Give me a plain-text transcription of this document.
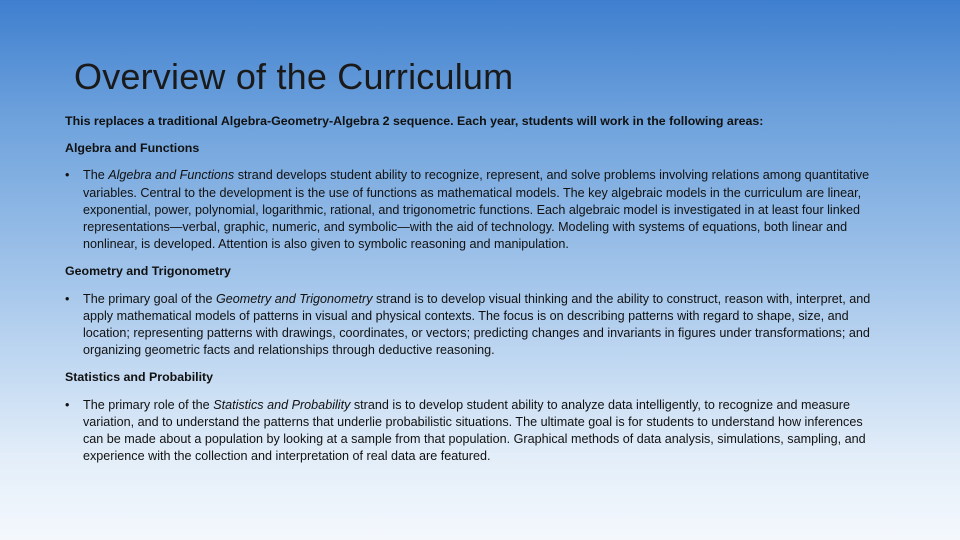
Overview of the Curriculum

This replaces a traditional Algebra-Geometry-Algebra 2 sequence. Each year, students will work in the following areas:

Algebra and Functions

•	The Algebra and Functions strand develops student ability to recognize, represent, and solve problems involving relations among quantitative variables. Central to the development is the use of functions as mathematical models. The key algebraic models in the curriculum are linear, exponential, power, polynomial, logarithmic, rational, and trigonometric functions. Each algebraic model is investigated in at least four linked representations—verbal, graphic, numeric, and symbolic—with the aid of technology. Modeling with systems of equations, both linear and nonlinear, is developed. Attention is also given to symbolic reasoning and manipulation.

Geometry and Trigonometry

•	The primary goal of the Geometry and Trigonometry strand is to develop visual thinking and the ability to construct, reason with, interpret, and apply mathematical models of patterns in visual and physical contexts. The focus is on describing patterns with regard to shape, size, and location; representing patterns with drawings, coordinates, or vectors; predicting changes and invariants in figures under transformations; and organizing geometric facts and relationships through deductive reasoning.

Statistics and Probability

•	The primary role of the Statistics and Probability strand is to develop student ability to analyze data intelligently, to recognize and measure variation, and to understand the patterns that underlie probabilistic situations. The ultimate goal is for students to understand how inferences can be made about a population by looking at a sample from that population. Graphical methods of data analysis, simulations, sampling, and experience with the collection and interpretation of real data are featured.
